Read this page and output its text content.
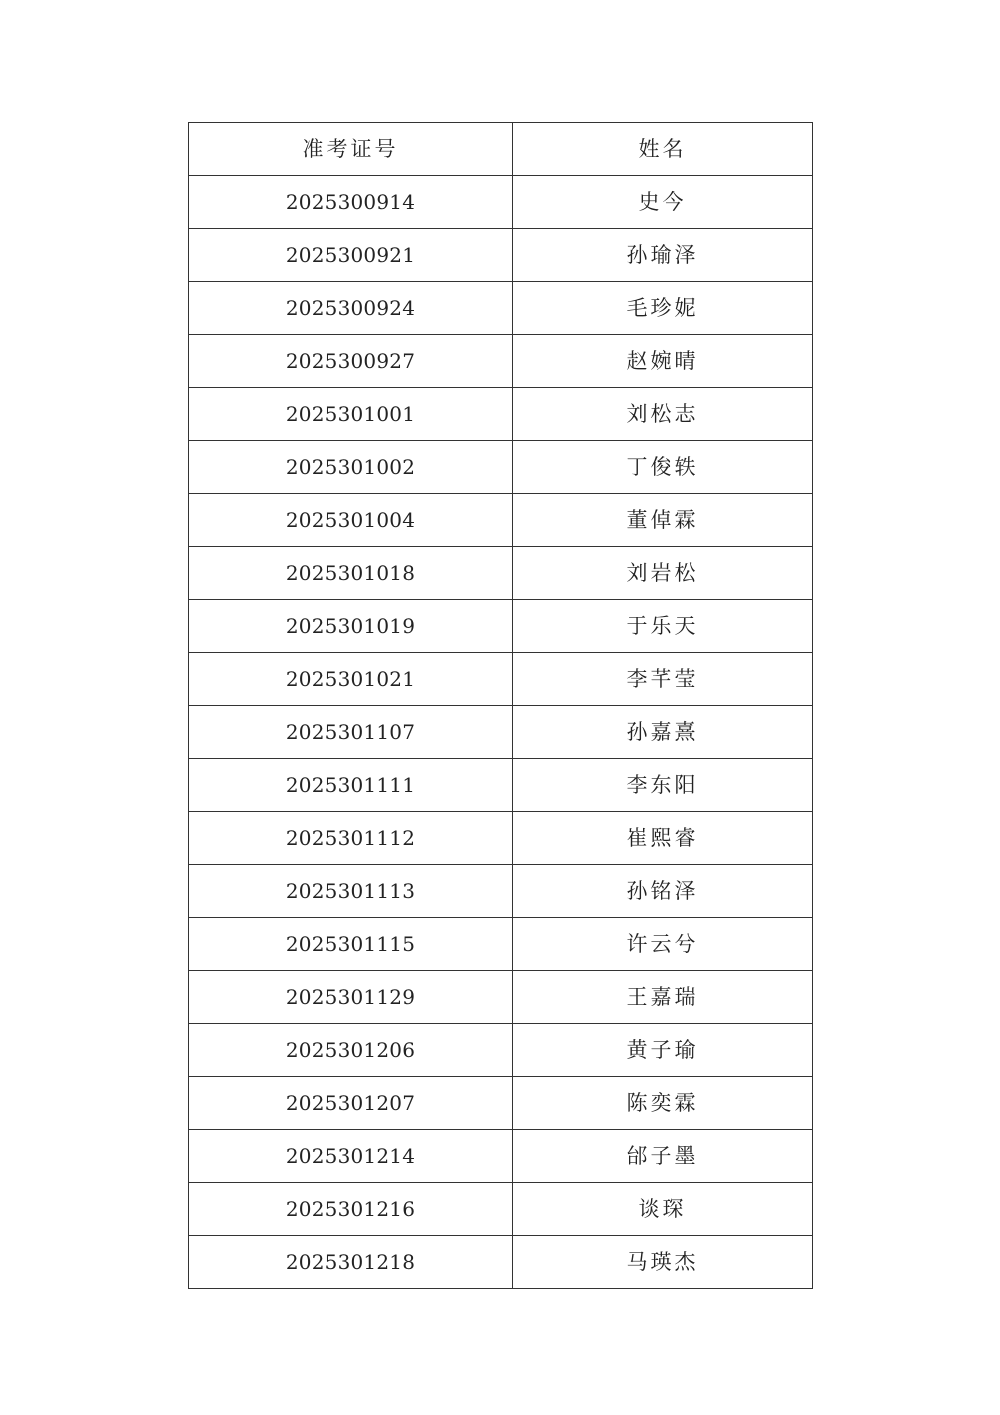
准考证号	姓名
2025300914	史今
2025300921	孙瑜泽
2025300924	毛珍妮
2025300927	赵婉晴
2025301001	刘松志
2025301002	丁俊轶
2025301004	董倬霖
2025301018	刘岩松
2025301019	于乐天
2025301021	李芊莹
2025301107	孙嘉熹
2025301111	李东阳
2025301112	崔熙睿
2025301113	孙铭泽
2025301115	许云兮
2025301129	王嘉瑞
2025301206	黄子瑜
2025301207	陈奕霖
2025301214	邰子墨
2025301216	谈琛
2025301218	马瑛杰
